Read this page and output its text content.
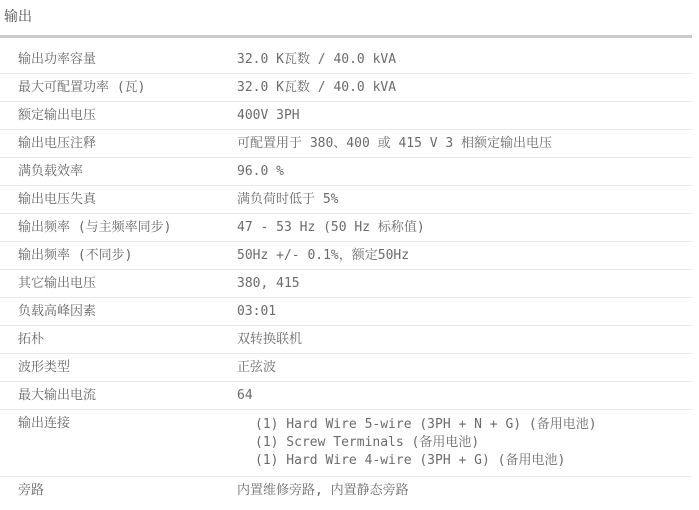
输出
输出功率容量	32.0 K瓦数 / 40.0 kVA
最大可配置功率 (瓦)	32.0 K瓦数 / 40.0 kVA
额定输出电压	400V 3PH
输出电压注释	可配置用于 380、400 或 415 V 3 相额定输出电压
满负载效率	96.0 %
输出电压失真	满负荷时低于 5%
输出频率 (与主频率同步)	47 - 53 Hz (50 Hz 标称值)
输出频率 (不同步)	50Hz +/- 0.1%，额定50Hz
其它输出电压	380, 415
负载高峰因素	03:01
拓朴	双转换联机
波形类型	正弦波
最大输出电流	64
输出连接	(1) Hard Wire 5-wire (3PH + N + G) (备用电池)
(1) Screw Terminals (备用电池)
(1) Hard Wire 4-wire (3PH + G) (备用电池)

旁路	内置维修旁路, 内置静态旁路
